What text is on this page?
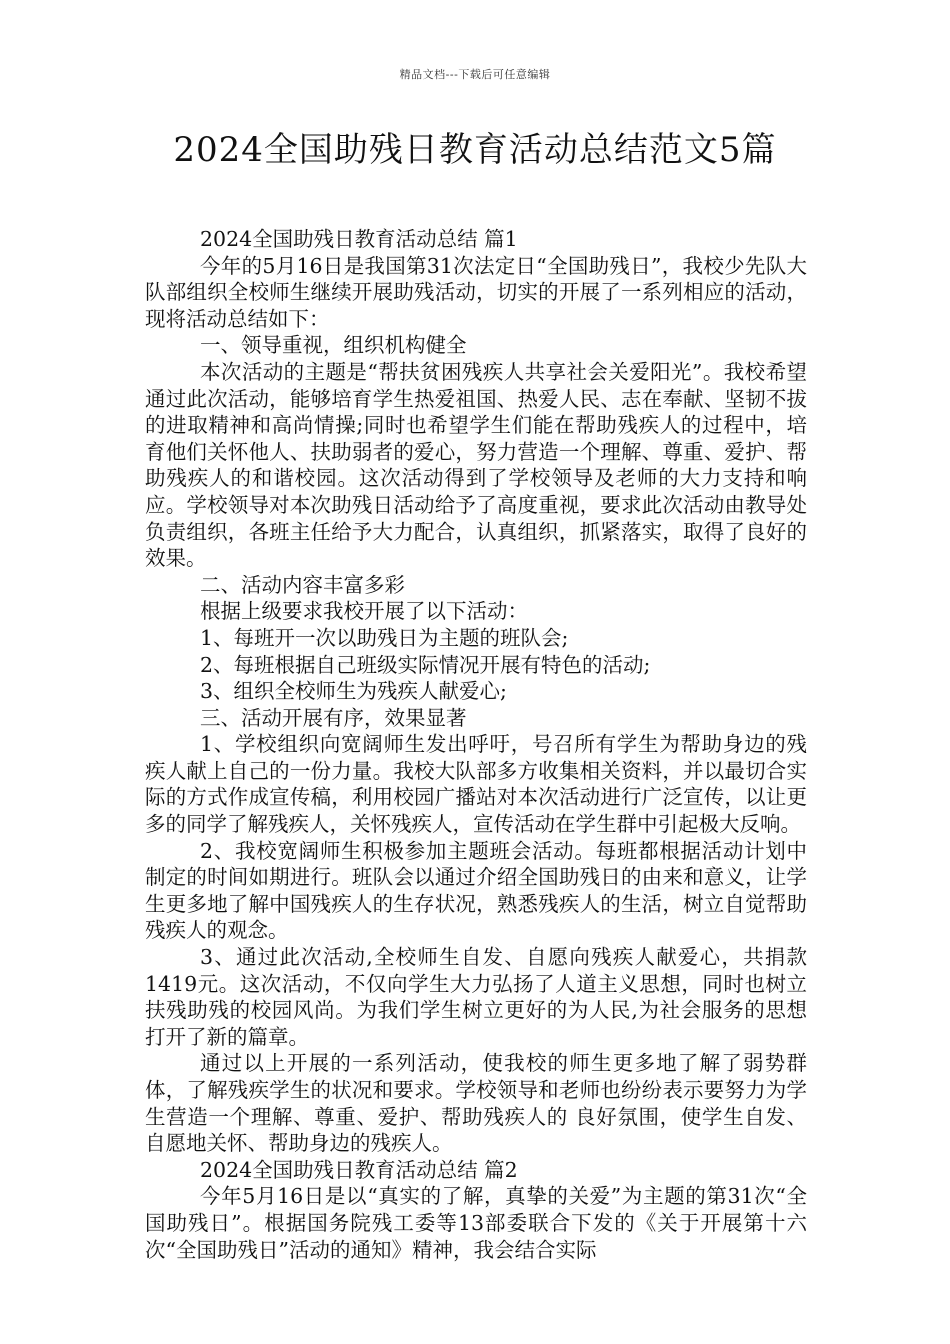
精品文档---下载后可任意编辑
2024全国助残日教育活动总结范文5篇

2024全国助残日教育活动总结 篇1

今年的5月16日是我国第31次法定日“全国助残日”，我校少先队大队部组织全校师生继续开展助残活动，切实的开展了一系列相应的活动，现将活动总结如下：

一、领导重视，组织机构健全

本次活动的主题是“帮扶贫困残疾人共享社会关爱阳光”。我校希望通过此次活动，能够培育学生热爱祖国、热爱人民、志在奉献、坚韧不拔的进取精神和高尚情操;同时也希望学生们能在帮助残疾人的过程中，培育他们关怀他人、扶助弱者的爱心，努力营造一个理解、尊重、爱护、帮助残疾人的和谐校园。这次活动得到了学校领导及老师的大力支持和响应。学校领导对本次助残日活动给予了高度重视，要求此次活动由教导处负责组织，各班主任给予大力配合，认真组织，抓紧落实，取得了良好的效果。

二、活动内容丰富多彩

根据上级要求我校开展了以下活动：

1、每班开一次以助残日为主题的班队会;

2、每班根据自己班级实际情况开展有特色的活动;

3、组织全校师生为残疾人献爱心;

三、活动开展有序，效果显著

1、学校组织向宽阔师生发出呼吁，号召所有学生为帮助身边的残疾人献上自己的一份力量。我校大队部多方收集相关资料，并以最切合实际的方式作成宣传稿，利用校园广播站对本次活动进行广泛宣传，以让更多的同学了解残疾人，关怀残疾人，宣传活动在学生群中引起极大反响。

2、我校宽阔师生积极参加主题班会活动。每班都根据活动计划中制定的时间如期进行。班队会以通过介绍全国助残日的由来和意义，让学生更多地了解中国残疾人的生存状况，熟悉残疾人的生活，树立自觉帮助残疾人的观念。

3、通过此次活动,全校师生自发、自愿向残疾人献爱心，共捐款1419元。这次活动，不仅向学生大力弘扬了人道主义思想，同时也树立扶残助残的校园风尚。为我们学生树立更好的为人民,为社会服务的思想打开了新的篇章。

通过以上开展的一系列活动，使我校的师生更多地了解了弱势群体，了解残疾学生的状况和要求。学校领导和老师也纷纷表示要努力为学生营造一个理解、尊重、爱护、帮助残疾人的 良好氛围，使学生自发、自愿地关怀、帮助身边的残疾人。

2024全国助残日教育活动总结 篇2

今年5月16日是以“真实的了解，真挚的关爱”为主题的第31次“全国助残日”。根据国务院残工委等13部委联合下发的《关于开展第十六次“全国助残日”活动的通知》精神，我会结合实际
